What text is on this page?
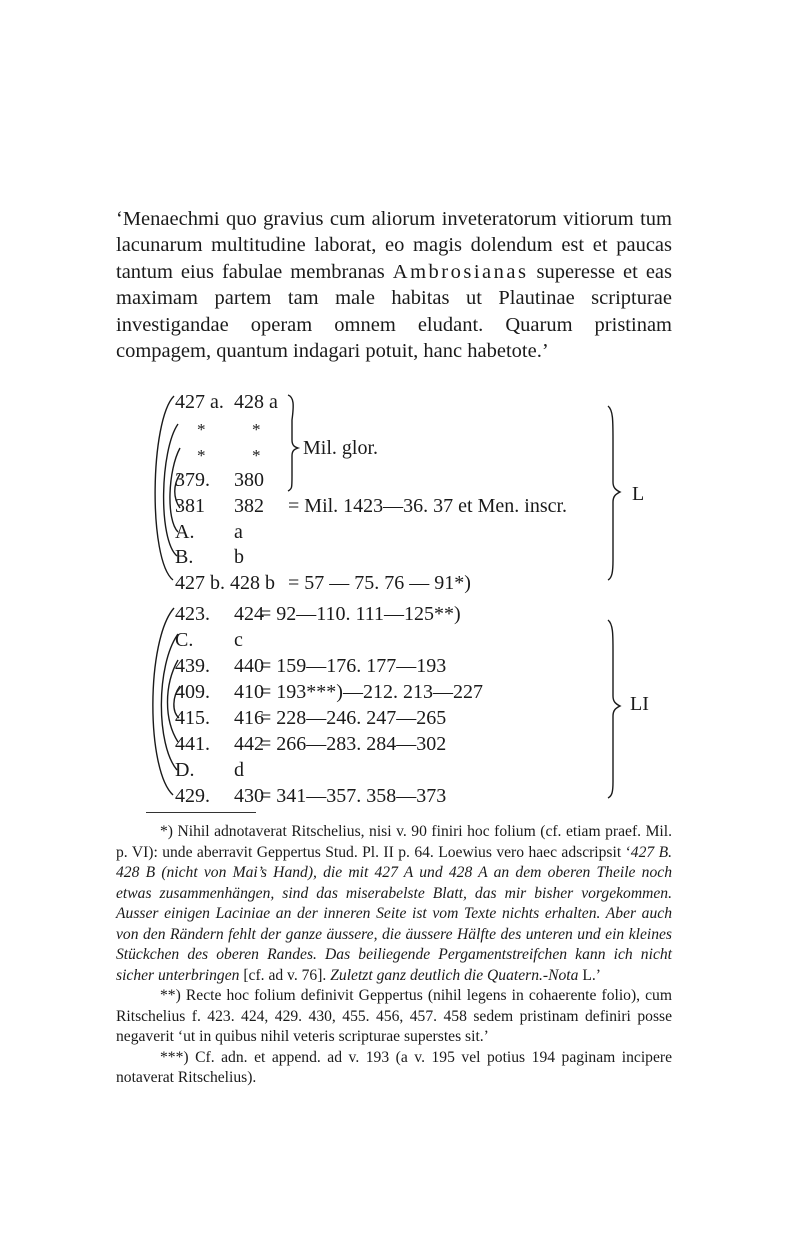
‘Menaechmi quo gravius cum aliorum inveteratorum vitiorum tum lacunarum multitudine laborat, eo magis dolendum est et paucas tantum eius fabulae membranas Ambrosianas superesse et eas maximam partem tam male habitas ut Plautinae scripturae investigandae operam omnem eludant. Quarum pristinam compagem, quantum indagari potuit, hanc habetote.’

427 a. 428 a
*	*
*	*
379. 380
381 382 = Mil. 1423—36. 37 et Men. inscr.
A. a
B. b
427 b. 428 b = 57 — 75. 76 — 91*)
Mil. glor.
L
423. 424
= 92—110. 111—125**)
C. c
439. 440
= 159—176. 177—193
409. 410
= 193***)—212. 213—227
415. 416
= 228—246. 247—265
441. 442
= 266—283. 284—302
D. d
429. 430
= 341—357. 358—373
LI

*) Nihil adnotaverat Ritschelius, nisi v. 90 finiri hoc folium (cf. etiam praef. Mil. p. VI): unde aberravit Geppertus Stud. Pl. II p. 64. Loewius vero haec adscripsit ‘427 B. 428 B (nicht von Mai’s Hand), die mit 427 A und 428 A an dem oberen Theile noch etwas zusammenhängen, sind das miserabelste Blatt, das mir bisher vorgekommen. Ausser einigen Laciniae an der inneren Seite ist vom Texte nichts erhalten. Aber auch von den Rändern fehlt der ganze äussere, die äussere Hälfte des unteren und ein kleines Stückchen des oberen Randes. Das beiliegende Pergamentstreifchen kann ich nicht sicher unterbringen [cf. ad v. 76]. Zuletzt ganz deutlich die Quatern.-Nota L.’

**) Recte hoc folium definivit Geppertus (nihil legens in cohaerente folio), cum Ritschelius f. 423. 424, 429. 430, 455. 456, 457. 458 sedem pristinam definiri posse negaverit ‘ut in quibus nihil veteris scripturae superstes sit.’

***) Cf. adn. et append. ad v. 193 (a v. 195 vel potius 194 paginam incipere notaverat Ritschelius).
